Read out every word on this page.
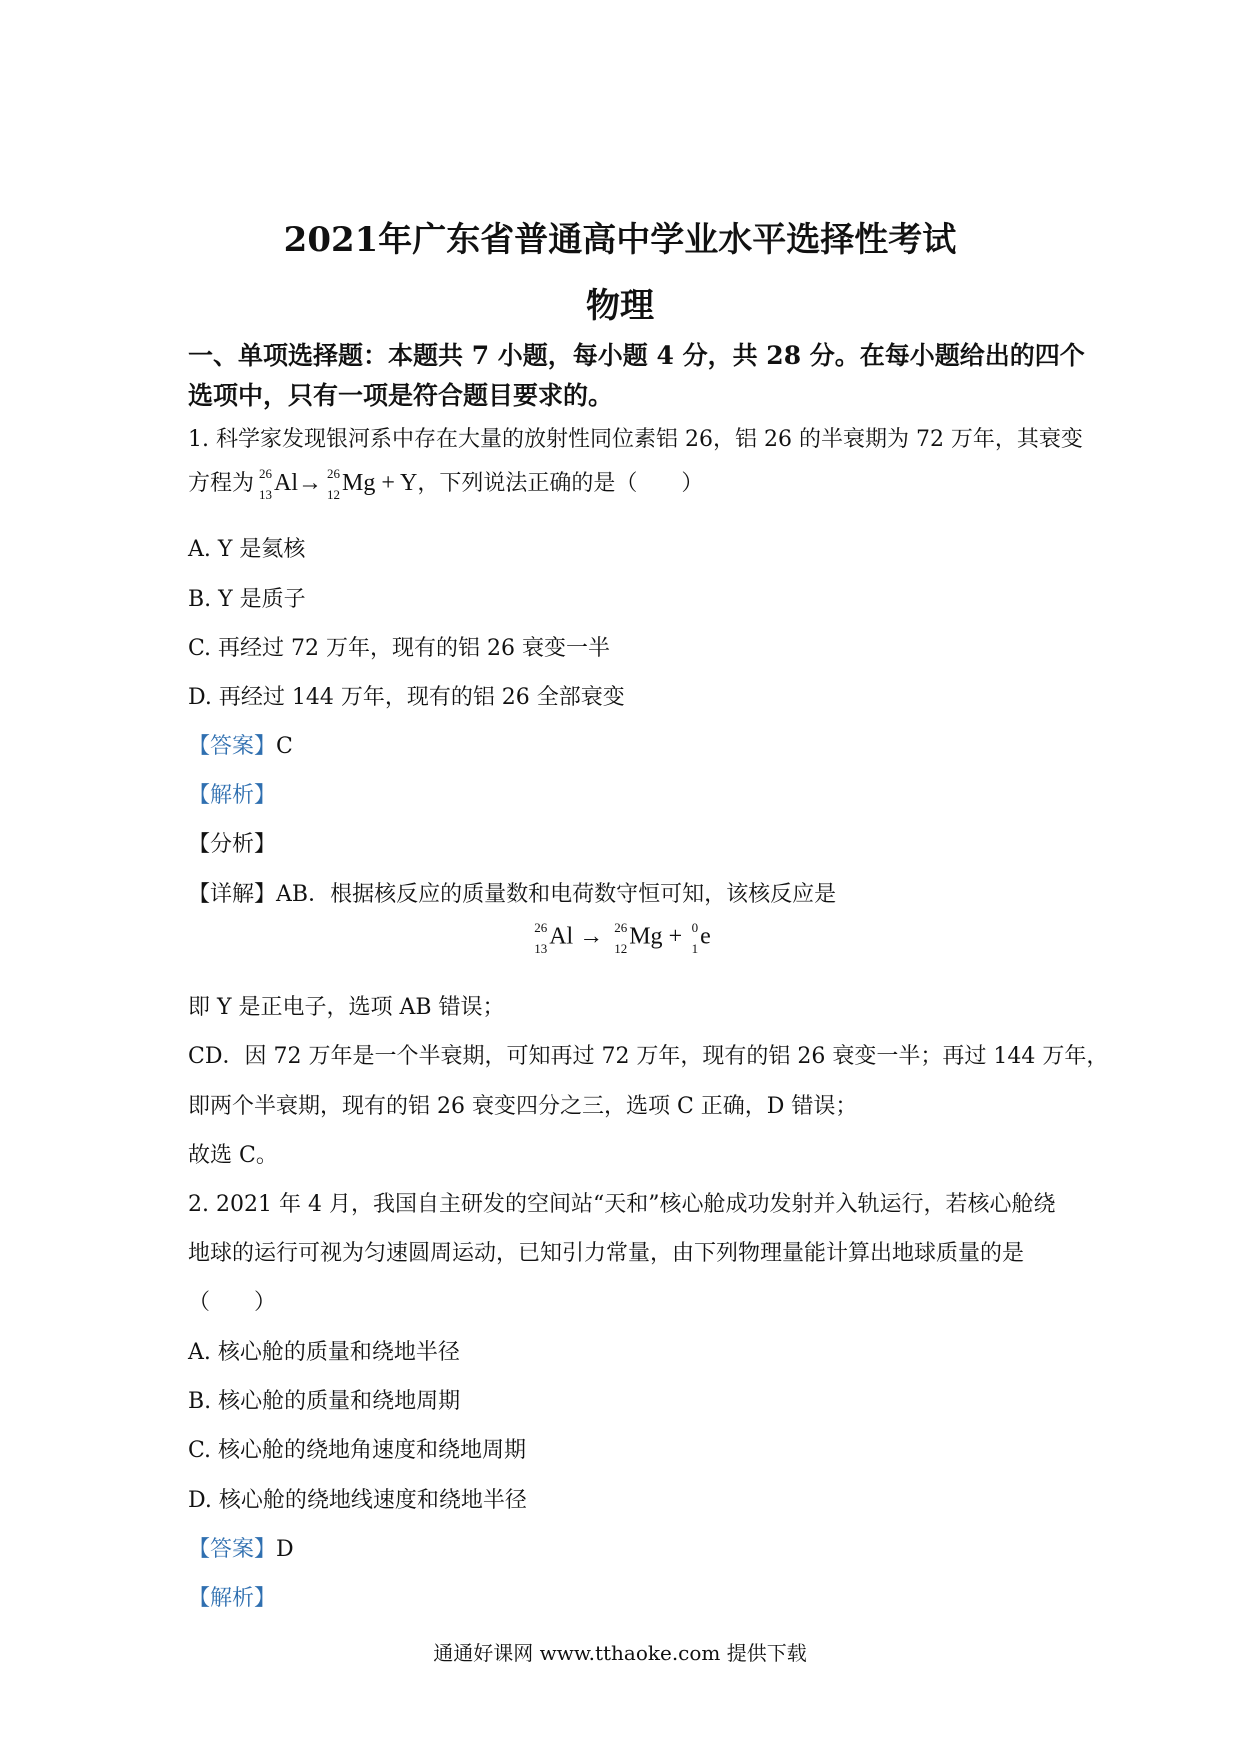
2021年广东省普通高中学业水平选择性考试
物理
一、单项选择题：本题共 7 小题，每小题 4 分，共 28 分。在每小题给出的四个
选项中，只有一项是符合题目要求的。
1. 科学家发现银河系中存在大量的放射性同位素铝 26，铝 26 的半衰期为 72 万年，其衰变
方程为 26
13 Al→ 26
12 Mg + Y，下列说法正确的是（　　）
A. Y 是氦核
B. Y 是质子
C. 再经过 72 万年，现有的铝 26 衰变一半
D. 再经过 144 万年，现有的铝 26 全部衰变
【答案】C
【解析】
【分析】
【详解】AB．根据核反应的质量数和电荷数守恒可知，该核反应是
26
13 Al → 26
12 Mg + 0
1 e
即 Y 是正电子，选项 AB 错误；
CD．因 72 万年是一个半衰期，可知再过 72 万年，现有的铝 26 衰变一半；再过 144 万年，
即两个半衰期，现有的铝 26 衰变四分之三，选项 C 正确，D 错误；
故选 C。
2. 2021 年 4 月，我国自主研发的空间站“天和”核心舱成功发射并入轨运行，若核心舱绕
地球的运行可视为匀速圆周运动，已知引力常量，由下列物理量能计算出地球质量的是
（　　）
A. 核心舱的质量和绕地半径
B. 核心舱的质量和绕地周期
C. 核心舱的绕地角速度和绕地周期
D. 核心舱的绕地线速度和绕地半径
【答案】D
【解析】
通通好课网 www.tthaoke.com 提供下载
